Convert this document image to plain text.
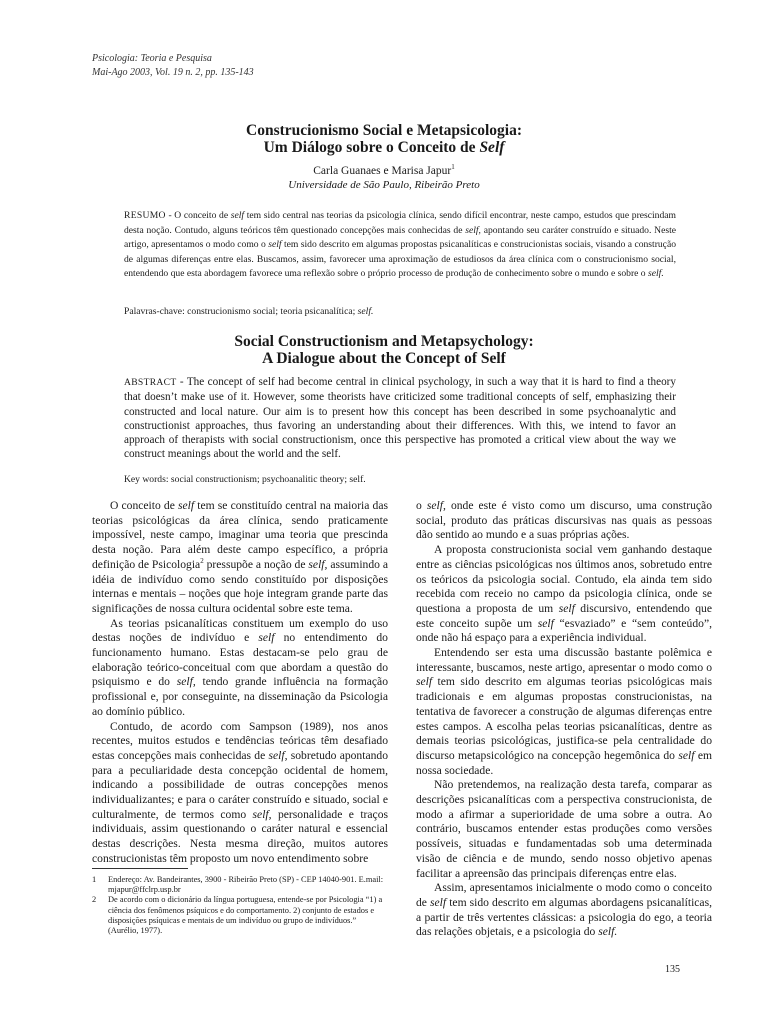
Psicologia: Teoria e Pesquisa
Mai-Ago 2003, Vol. 19 n. 2, pp. 135-143
Construcionismo Social e Metapsicologia:
Um Diálogo sobre o Conceito de Self
Carla Guanaes e Marisa Japur$^1$
Universidade de São Paulo, Ribeirão Preto

RESUMO - O conceito de self tem sido central nas teorias da psicologia clínica, sendo difícil encontrar, neste campo, estudos que prescindam desta noção. Contudo, alguns teóricos têm questionado concepções mais conhecidas de self, apontando seu caráter construído e situado. Neste artigo, apresentamos o modo como o self tem sido descrito em algumas propostas psicanalíticas e construcionistas sociais, visando a construção de algumas diferenças entre elas. Buscamos, assim, favorecer uma aproximação de estudiosos da área clínica com o construcionismo social, entendendo que esta abordagem favorece uma reflexão sobre o próprio processo de produção de conhecimento sobre o mundo e sobre o self.

Palavras-chave: construcionismo social; teoria psicanalítica; self.

Social Constructionism and Metapsychology:
A Dialogue about the Concept of Self

ABSTRACT - The concept of self had become central in clinical psychology, in such a way that it is hard to find a theory that doesn’t make use of it. However, some theorists have criticized some traditional concepts of self, emphasizing their constructed and local nature. Our aim is to present how this concept has been described in some psychoanalytic and constructionist approaches, thus favoring an understanding about their differences. With this, we intend to favor an approach of therapists with social constructionism, once this perspective has promoted a critical view about the way we construct meanings about the world and the self.

Key words: social constructionism; psychoanalitic theory; self.

O conceito de self tem se constituído central na maioria das teorias psicológicas da área clínica, sendo praticamente impossível, neste campo, imaginar uma teoria que prescinda desta noção. Para além deste campo específico, a própria definição de Psicologia$^2$ pressupõe a noção de self, assumindo a idéia de indivíduo como sendo constituído por disposições internas e mentais – noções que hoje integram grande parte das significações de nossa cultura ocidental sobre este tema.

As teorias psicanalíticas constituem um exemplo do uso destas noções de indivíduo e self no entendimento do funcionamento humano. Estas destacam-se pelo grau de elaboração teórico-conceitual com que abordam a questão do psiquismo e do self, tendo grande influência na formação profissional e, por conseguinte, na disseminação da Psicologia ao domínio público.

Contudo, de acordo com Sampson (1989), nos anos recentes, muitos estudos e tendências teóricas têm desafiado estas concepções mais conhecidas de self, sobretudo apontando para a peculiaridade desta concepção ocidental de homem, indicando a possibilidade de outras concepções menos individualizantes; e para o caráter construído e situado, social e culturalmente, de termos como self, personalidade e traços individuais, assim questionando o caráter natural e essencial destas descrições. Nesta mesma direção, muitos autores construcionistas têm proposto um novo entendimento sobre

o self, onde este é visto como um discurso, uma construção social, produto das práticas discursivas nas quais as pessoas dão sentido ao mundo e a suas próprias ações.

A proposta construcionista social vem ganhando destaque entre as ciências psicológicas nos últimos anos, sobretudo entre os teóricos da psicologia social. Contudo, ela ainda tem sido recebida com receio no campo da psicologia clínica, onde se questiona a proposta de um self discursivo, entendendo que este conceito supõe um self “esvaziado” e “sem conteúdo”, onde não há espaço para a experiência individual.

Entendendo ser esta uma discussão bastante polêmica e interessante, buscamos, neste artigo, apresentar o modo como o self tem sido descrito em algumas teorias psicológicas mais tradicionais e em algumas propostas construcionistas, na tentativa de favorecer a construção de algumas diferenças entre estes campos. A escolha pelas teorias psicanalíticas, dentre as demais teorias psicológicas, justifica-se pela centralidade do discurso metapsicológico na concepção hegemônica do self em nossa sociedade.

Não pretendemos, na realização desta tarefa, comparar as descrições psicanalíticas com a perspectiva construcionista, de modo a afirmar a superioridade de uma sobre a outra. Ao contrário, buscamos entender estas produções como versões possíveis, situadas e fundamentadas sob uma determinada visão de ciência e de mundo, sendo nosso objetivo apenas facilitar a apreensão das principais diferenças entre elas.

Assim, apresentamos inicialmente o modo como o conceito de self tem sido descrito em algumas abordagens psicanalíticas, a partir de três vertentes clássicas: a psicologia do ego, a teoria das relações objetais, e a psicologia do self.

1 Endereço: Av. Bandeirantes, 3900 - Ribeirão Preto (SP) - CEP 14040-901. E.mail: mjapur@ffclrp.usp.br
2 De acordo com o dicionário da língua portuguesa, entende-se por Psicologia “1) a ciência dos fenômenos psíquicos e do comportamento. 2) conjunto de estados e disposições psíquicas e mentais de um indivíduo ou grupo de indivíduos.” (Aurélio, 1977).
135
